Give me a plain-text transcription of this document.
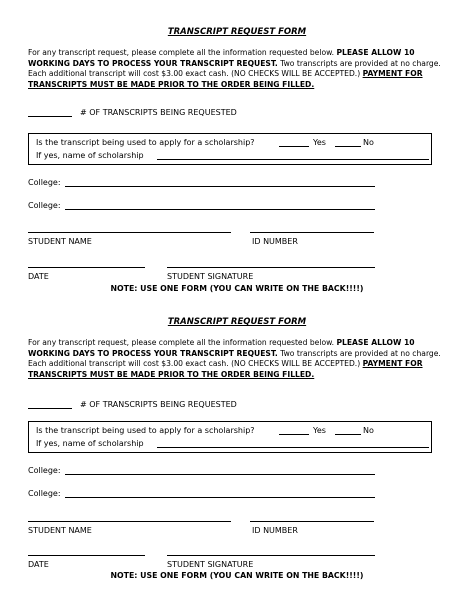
TRANSCRIPT REQUEST FORM
For any transcript request, please complete all the information requested below. PLEASE ALLOW 10 WORKING DAYS TO PROCESS YOUR TRANSCRIPT REQUEST. Two transcripts are provided at no charge. Each additional transcript will cost $3.00 exact cash. (NO CHECKS WILL BE ACCEPTED.) PAYMENT FOR TRANSCRIPTS MUST BE MADE PRIOR TO THE ORDER BEING FILLED.
# OF TRANSCRIPTS BEING REQUESTED
Is the transcript being used to apply for a scholarship?	Yes	No
If yes, name of scholarship
College:
College:
STUDENT NAME	ID NUMBER
DATE	STUDENT SIGNATURE
NOTE: USE ONE FORM (YOU CAN WRITE ON THE BACK!!!!)
TRANSCRIPT REQUEST FORM
For any transcript request, please complete all the information requested below. PLEASE ALLOW 10 WORKING DAYS TO PROCESS YOUR TRANSCRIPT REQUEST. Two transcripts are provided at no charge. Each additional transcript will cost $3.00 exact cash. (NO CHECKS WILL BE ACCEPTED.) PAYMENT FOR TRANSCRIPTS MUST BE MADE PRIOR TO THE ORDER BEING FILLED.
# OF TRANSCRIPTS BEING REQUESTED
Is the transcript being used to apply for a scholarship?	Yes	No
If yes, name of scholarship
College:
College:
STUDENT NAME	ID NUMBER
DATE	STUDENT SIGNATURE
NOTE: USE ONE FORM (YOU CAN WRITE ON THE BACK!!!!)
